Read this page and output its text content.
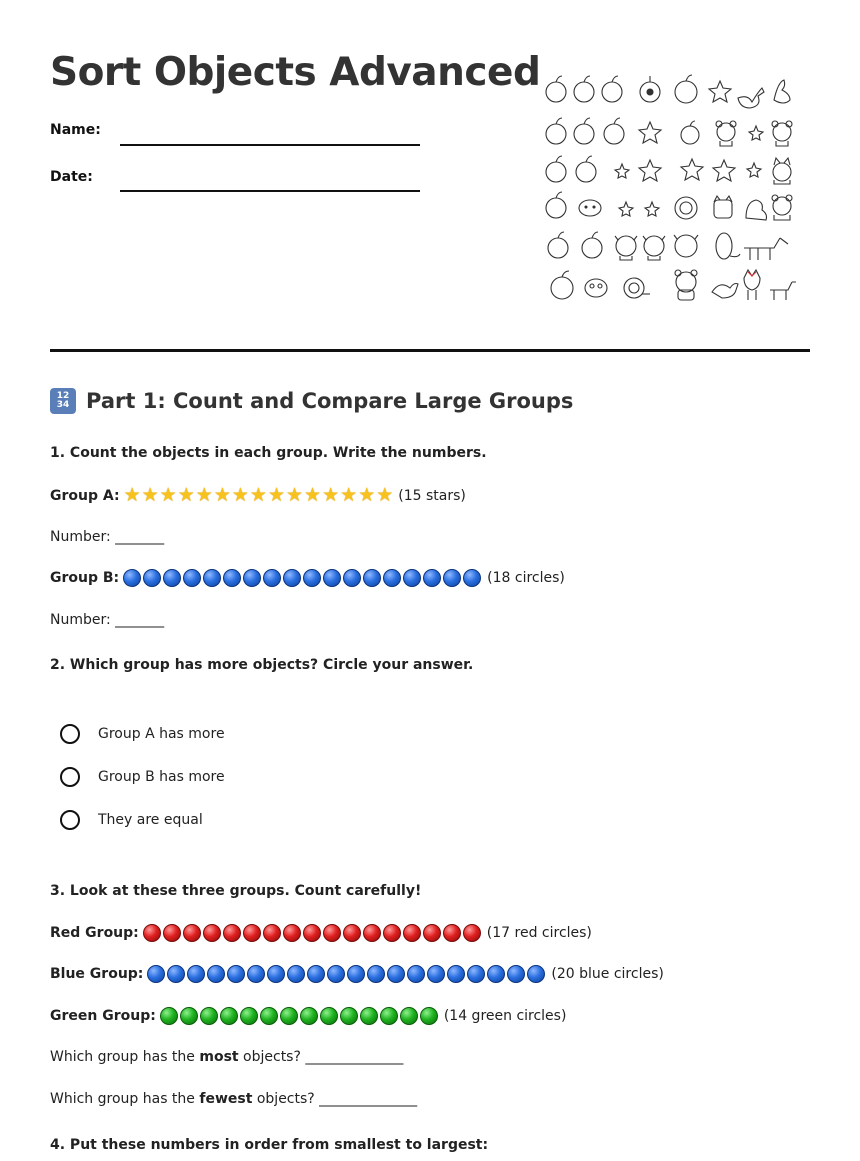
Sort Objects Advanced
Name:
Date:
12
34 Part 1: Count and Compare Large Groups
1. Count the objects in each group. Write the numbers.
Group A: ★ ★ ★ ★ ★ ★ ★ ★ ★ ★ ★ ★ ★ ★ ★ (15 stars)
Number: _______
Group B:	(18 circles)
Number: _______
2. Which group has more objects? Circle your answer.
Group A has more
Group B has more
They are equal
3. Look at these three groups. Count carefully!
Red Group:	(17 red circles)
Blue Group:	(20 blue circles)
Green Group:	(14 green circles)
Which group has the most objects? ______________
Which group has the fewest objects? ______________
4. Put these numbers in order from smallest to largest:
